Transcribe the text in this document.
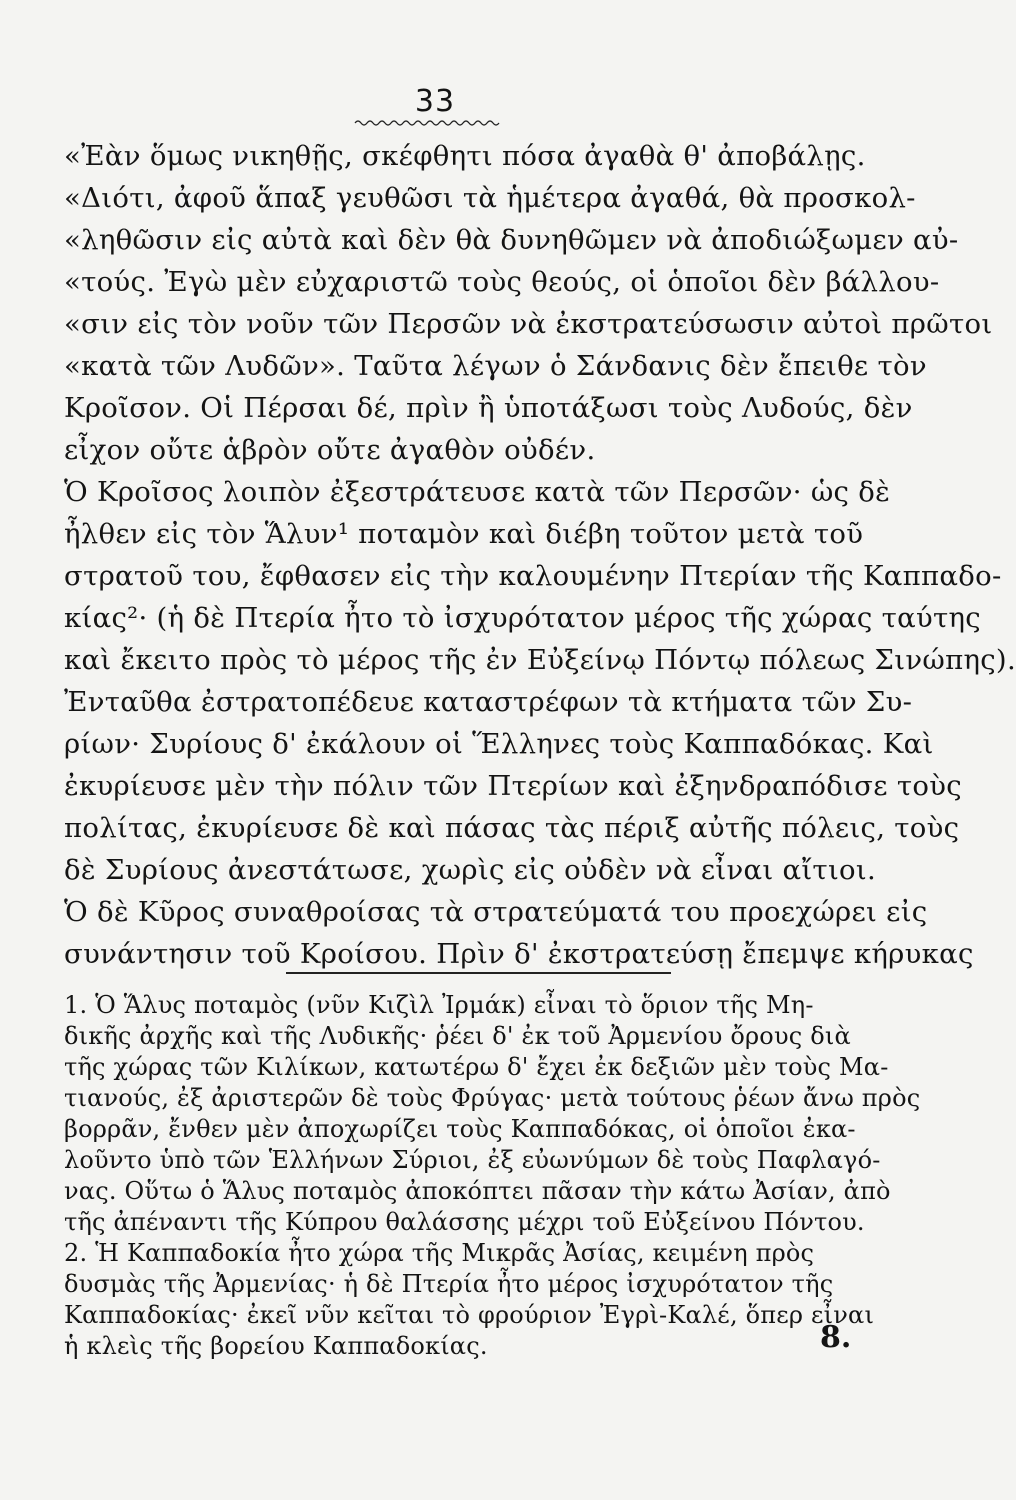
33
«Ἐὰν ὅμως νικηθῇς, σκέφθητι πόσα ἀγαθὰ θ' ἀποβάλῃς.
«Διότι, ἀφοῦ ἅπαξ γευθῶσι τὰ ἡμέτερα ἀγαθά, θὰ προσκολ-
«ληθῶσιν εἰς αὐτὰ καὶ δὲν θὰ δυνηθῶμεν νὰ ἀποδιώξωμεν αὐ-
«τούς. Ἐγὼ μὲν εὐχαριστῶ τοὺς θεούς, οἱ ὁποῖοι δὲν βάλλου-
«σιν εἰς τὸν νοῦν τῶν Περσῶν νὰ ἐκστρατεύσωσιν αὐτοὶ πρῶτοι
«κατὰ τῶν Λυδῶν». Ταῦτα λέγων ὁ Σάνδανις δὲν ἔπειθε τὸν
Κροῖσον. Οἱ Πέρσαι δέ, πρὶν ἢ ὑποτάξωσι τοὺς Λυδούς, δὲν
εἶχον οὔτε ἁβρὸν οὔτε ἀγαθὸν οὐδέν.
Ὁ Κροῖσος λοιπὸν ἐξεστράτευσε κατὰ τῶν Περσῶν· ὡς δὲ
ἦλθεν εἰς τὸν Ἅλυν¹ ποταμὸν καὶ διέβη τοῦτον μετὰ τοῦ
στρατοῦ του, ἔφθασεν εἰς τὴν καλουμένην Πτερίαν τῆς Καππαδο-
κίας²· (ἡ δὲ Πτερία ἦτο τὸ ἰσχυρότατον μέρος τῆς χώρας ταύτης
καὶ ἔκειτο πρὸς τὸ μέρος τῆς ἐν Εὐξείνῳ Πόντῳ πόλεως Σινώπης).
Ἐνταῦθα ἐστρατοπέδευε καταστρέφων τὰ κτήματα τῶν Συ-
ρίων· Συρίους δ' ἐκάλουν οἱ Ἕλληνες τοὺς Καππαδόκας. Καὶ
ἐκυρίευσε μὲν τὴν πόλιν τῶν Πτερίων καὶ ἐξηνδραπόδισε τοὺς
πολίτας, ἐκυρίευσε δὲ καὶ πάσας τὰς πέριξ αὐτῆς πόλεις, τοὺς
δὲ Συρίους ἀνεστάτωσε, χωρὶς εἰς οὐδὲν νὰ εἶναι αἴτιοι.
Ὁ δὲ Κῦρος συναθροίσας τὰ στρατεύματά του προεχώρει εἰς
συνάντησιν τοῦ Κροίσου. Πρὶν δ' ἐκστρατεύσῃ ἔπεμψε κήρυκας
1. Ὁ Ἅλυς ποταμὸς (νῦν Κιζὶλ Ἰρμάκ) εἶναι τὸ ὅριον τῆς Μη-
δικῆς ἀρχῆς καὶ τῆς Λυδικῆς· ῥέει δ' ἐκ τοῦ Ἀρμενίου ὄρους διὰ
τῆς χώρας τῶν Κιλίκων, κατωτέρω δ' ἔχει ἐκ δεξιῶν μὲν τοὺς Μα-
τιανούς, ἐξ ἀριστερῶν δὲ τοὺς Φρύγας· μετὰ τούτους ῥέων ἄνω πρὸς
βορρᾶν, ἔνθεν μὲν ἀποχωρίζει τοὺς Καππαδόκας, οἱ ὁποῖοι ἐκα-
λοῦντο ὑπὸ τῶν Ἑλλήνων Σύριοι, ἐξ εὐωνύμων δὲ τοὺς Παφλαγό-
νας. Οὕτω ὁ Ἅλυς ποταμὸς ἀποκόπτει πᾶσαν τὴν κάτω Ἀσίαν, ἀπὸ
τῆς ἀπέναντι τῆς Κύπρου θαλάσσης μέχρι τοῦ Εὐξείνου Πόντου.
2. Ἡ Καππαδοκία ἦτο χώρα τῆς Μικρᾶς Ἀσίας, κειμένη πρὸς
δυσμὰς τῆς Ἀρμενίας· ἡ δὲ Πτερία ἦτο μέρος ἰσχυρότατον τῆς
Καππαδοκίας· ἐκεῖ νῦν κεῖται τὸ φρούριον Ἐγρὶ-Καλέ, ὅπερ εἶναι
ἡ κλεὶς τῆς βορείου Καππαδοκίας.	8.
